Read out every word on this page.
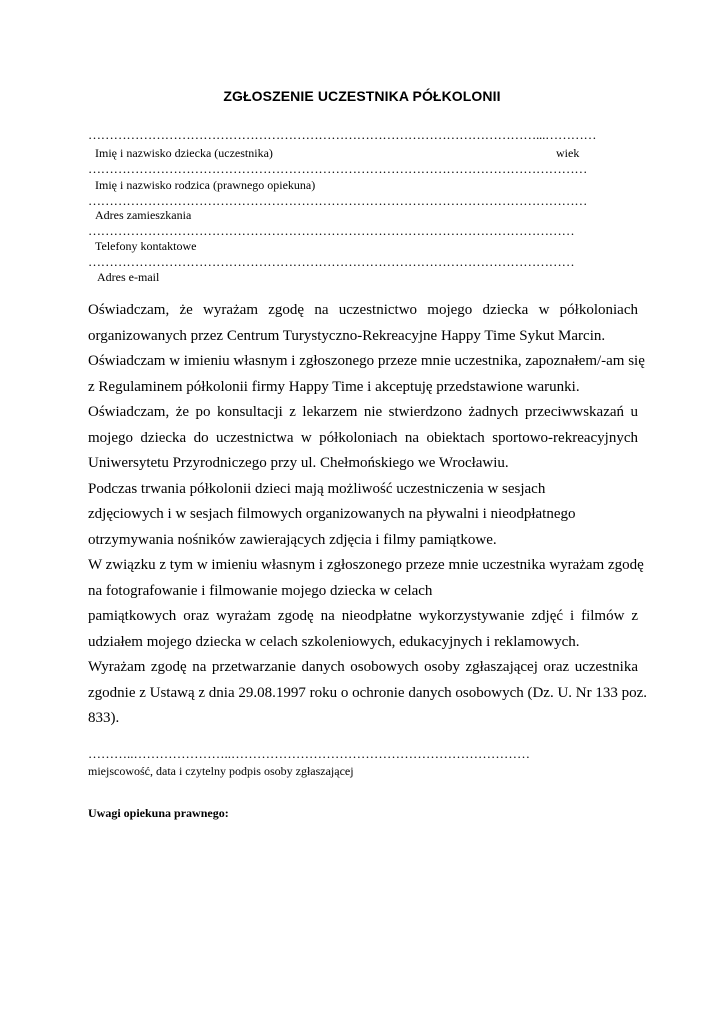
ZGŁOSZENIE UCZESTNIKA PÓŁKOLONII
……………………………………………………………………………………………...…………
Imię i nazwisko dziecka (uczestnika)	wiek
………………………………………………………………………………………………………
Imię i nazwisko rodzica (prawnego opiekuna)
………………………………………………………………………………………………………
Adres zamieszkania
……………………………………………………………………………………………………
Telefony kontaktowe
……………………………………………………………………………………………………
Adres e-mail
Oświadczam, że wyrażam zgodę na uczestnictwo mojego dziecka w półkoloniach
organizowanych przez Centrum Turystyczno-Rekreacyjne Happy Time Sykut Marcin.
Oświadczam w imieniu własnym i zgłoszonego przeze mnie uczestnika, zapoznałem/-am się
z Regulaminem półkolonii firmy Happy Time i akceptuję przedstawione warunki.
Oświadczam, że po konsultacji z lekarzem nie stwierdzono żadnych przeciwwskazań u
mojego dziecka do uczestnictwa w półkoloniach na obiektach sportowo-rekreacyjnych
Uniwersytetu Przyrodniczego przy ul. Chełmońskiego we Wrocławiu.
Podczas trwania półkolonii dzieci mają możliwość uczestniczenia w sesjach
zdjęciowych i w sesjach filmowych organizowanych na pływalni i nieodpłatnego
otrzymywania nośników zawierających zdjęcia i filmy pamiątkowe.
W związku z tym w imieniu własnym i zgłoszonego przeze mnie uczestnika wyrażam zgodę
na fotografowanie i filmowanie mojego dziecka w celach
pamiątkowych oraz wyrażam zgodę na nieodpłatne wykorzystywanie zdjęć i filmów z
udziałem mojego dziecka w celach szkoleniowych, edukacyjnych i reklamowych.
Wyrażam zgodę na przetwarzanie danych osobowych osoby zgłaszającej oraz uczestnika
zgodnie z Ustawą z dnia 29.08.1997 roku o ochronie danych osobowych (Dz. U. Nr 133 poz.
833).
………..…………………..……………………………………………………………
miejscowość, data i czytelny podpis osoby zgłaszającej
Uwagi opiekuna prawnego:
